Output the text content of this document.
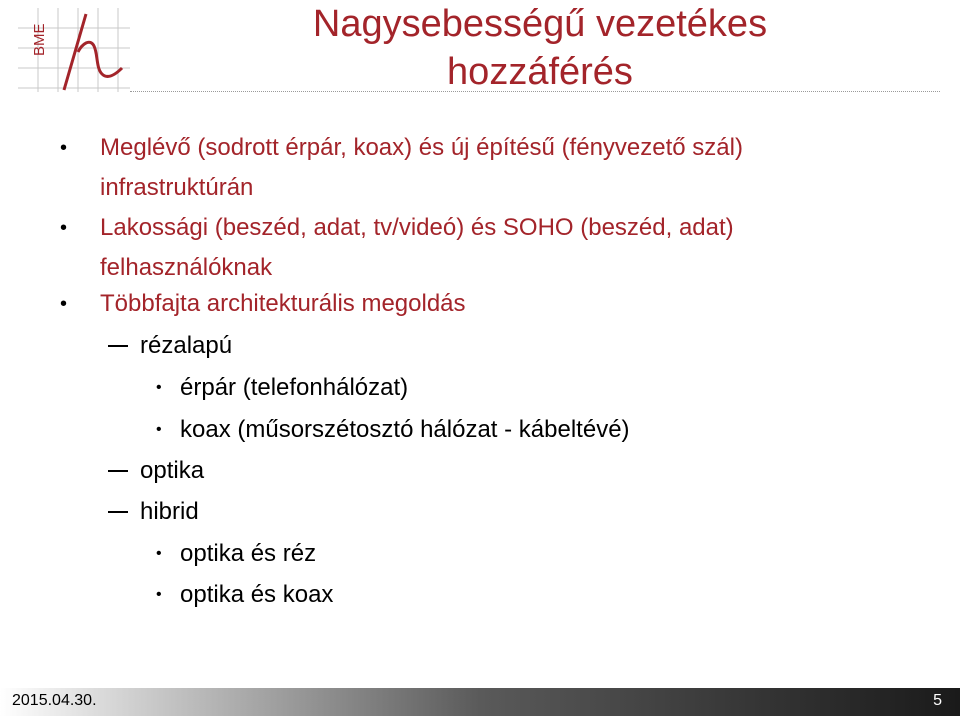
BME	Nagysebességű vezetékes
hozzáférés
• Meglévő (sodrott érpár, koax) és új építésű (fényvezető szál)
infrastruktúrán
• Lakossági (beszéd, adat, tv/videó) és SOHO (beszéd, adat)
felhasználóknak
• Többfajta architekturális megoldás
rézalapú
• érpár (telefonhálózat)
• koax (műsorszétosztó hálózat - kábeltévé)
optika
hibrid
• optika és réz
• optika és koax
2015.04.30.	5
